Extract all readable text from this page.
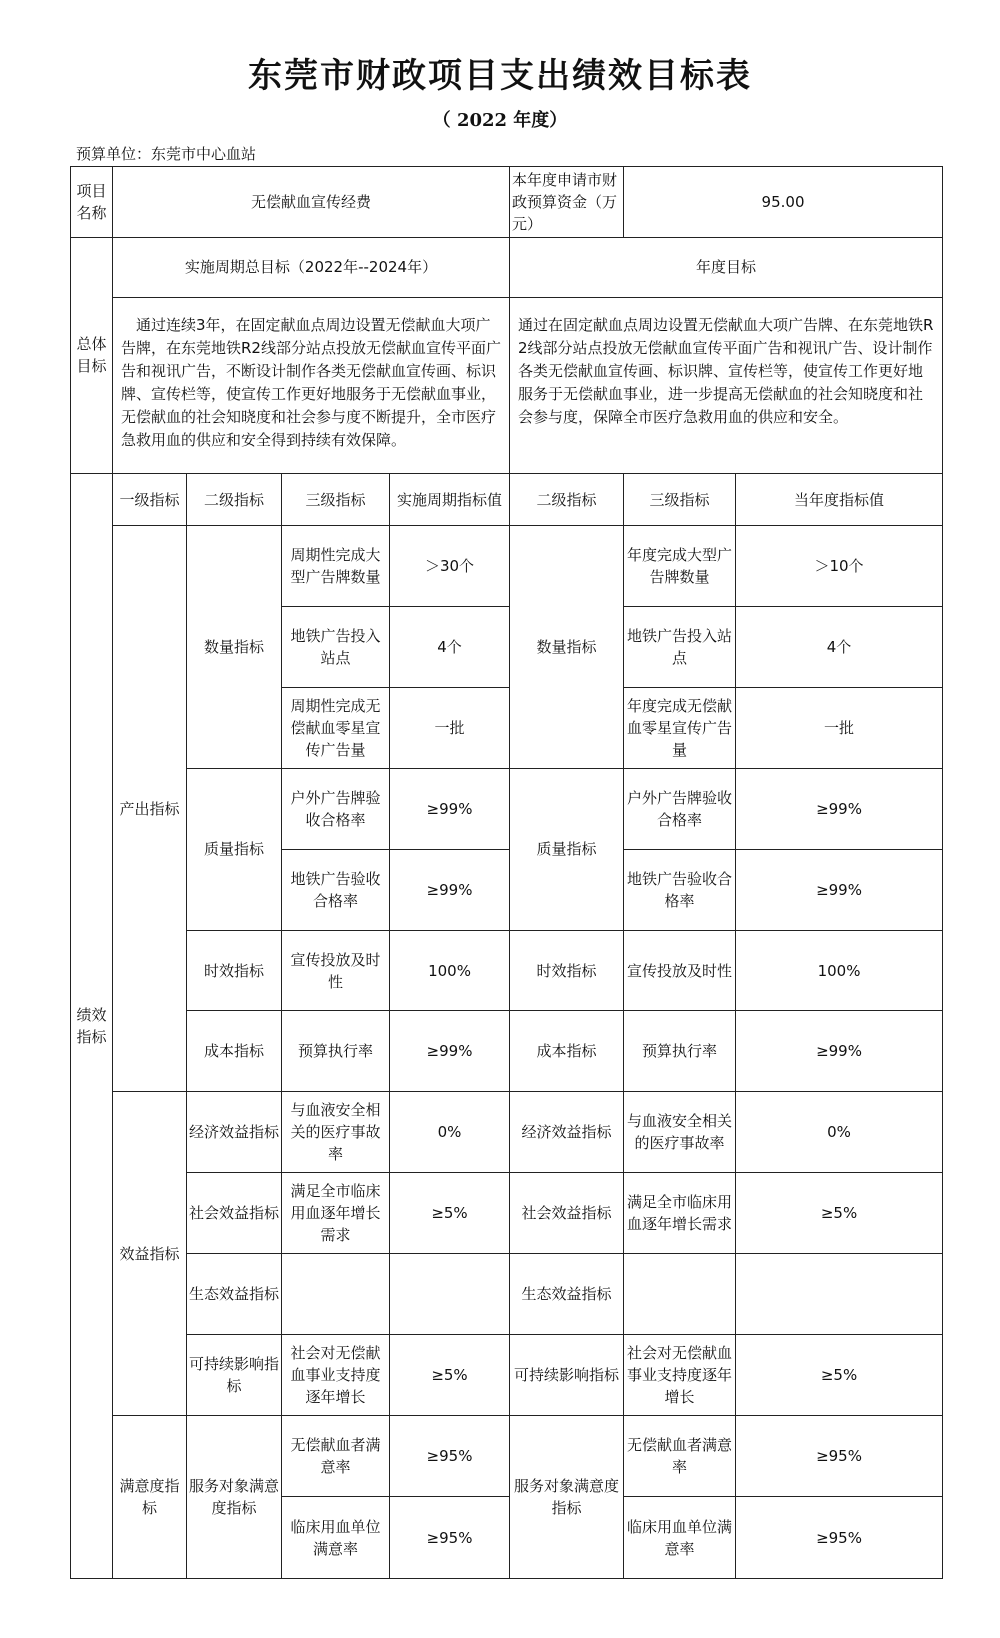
东莞市财政项目支出绩效目标表
（ 2022 年度）
预算单位：东莞市中心血站
项目名称	无偿献血宣传经费				本年度申请市财政预算资金（万元）	95.00	
总体目标	实施周期总目标（2022年--2024年）				年度目标		
	通过连续3年，在固定献血点周边设置无偿献血大项广告牌，在东莞地铁R2线部分站点投放无偿献血宣传平面广告和视讯广告，不断设计制作各类无偿献血宣传画、标识牌、宣传栏等，使宣传工作更好地服务于无偿献血事业，无偿献血的社会知晓度和社会参与度不断提升，全市医疗急救用血的供应和安全得到持续有效保障。				通过在固定献血点周边设置无偿献血大项广告牌、在东莞地铁R2线部分站点投放无偿献血宣传平面广告和视讯广告、设计制作各类无偿献血宣传画、标识牌、宣传栏等，使宣传工作更好地服务于无偿献血事业，进一步提高无偿献血的社会知晓度和社会参与度，保障全市医疗急救用血的供应和安全。		
绩效指标	一级指标	二级指标	三级指标	实施周期指标值	二级指标	三级指标	当年度指标值
	产出指标	数量指标	周期性完成大型广告牌数量	＞30个	数量指标	年度完成大型广告牌数量	＞10个
			地铁广告投入站点	4个		地铁广告投入站点	4个
			周期性完成无偿献血零星宣传广告量	一批		年度完成无偿献血零星宣传广告量	一批
		质量指标	户外广告牌验收合格率	≥99%	质量指标	户外广告牌验收合格率	≥99%
			地铁广告验收合格率	≥99%		地铁广告验收合格率	≥99%
		时效指标	宣传投放及时性	100%	时效指标	宣传投放及时性	100%
		成本指标	预算执行率	≥99%	成本指标	预算执行率	≥99%
	效益指标	经济效益指标	与血液安全相关的医疗事故率	0%	经济效益指标	与血液安全相关的医疗事故率	0%
		社会效益指标	满足全市临床用血逐年增长需求	≥5%	社会效益指标	满足全市临床用血逐年增长需求	≥5%
		生态效益指标			生态效益指标		
		可持续影响指标	社会对无偿献血事业支持度逐年增长	≥5%	可持续影响指标	社会对无偿献血事业支持度逐年增长	≥5%
	满意度指标	服务对象满意度指标	无偿献血者满意率	≥95%	服务对象满意度指标	无偿献血者满意率	≥95%
			临床用血单位满意率	≥95%		临床用血单位满意率	≥95%
